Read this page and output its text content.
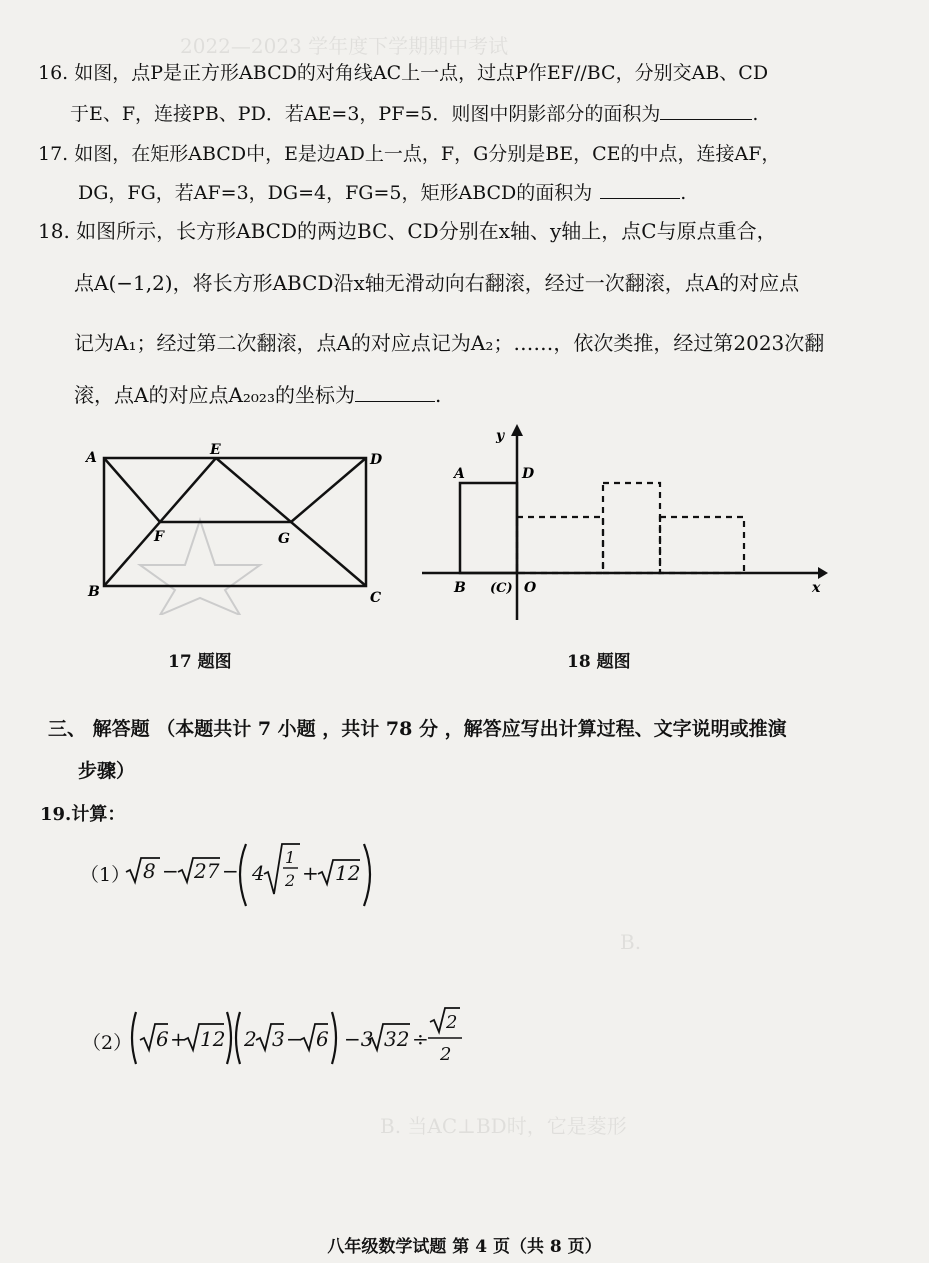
2022—2023 学年度下学期期中考试
B.
B. 当AC⊥BD时，它是菱形
16. 如图，点P是正方形ABCD的对角线AC上一点，过点P作EF//BC，分别交AB、CD
于E、F，连接PB、PD．若AE=3，PF=5．则图中阴影部分的面积为	.
17. 如图，在矩形ABCD中，E是边AD上一点，F，G分别是BE，CE的中点，连接AF，
DG，FG，若AF=3，DG=4，FG=5，矩形ABCD的面积为	.
18. 如图所示，长方形ABCD的两边BC、CD分别在x轴、y轴上，点C与原点重合，
点A(−1,2)，将长方形ABCD沿x轴无滑动向右翻滚，经过一次翻滚，点A的对应点
记为A₁；经过第二次翻滚，点A的对应点记为A₂；……，依次类推，经过第2023次翻
滚，点A的对应点A₂₀₂₃的坐标为	.
A	E
D
F	G
B	C
17 题图
y
A	D
B (C) O	x
18 题图
三、 解答题 （本题共计 7 小题 ，共计 78 分 ，解答应写出计算过程、文字说明或推演
步骤）
19.计算：
（1） 8 − 27 − 4
1
2 + 12
（2） 6 + 12 2 3 − 6 −3 32 ÷
2
2
八年级数学试题 第 4 页（共 8 页）
